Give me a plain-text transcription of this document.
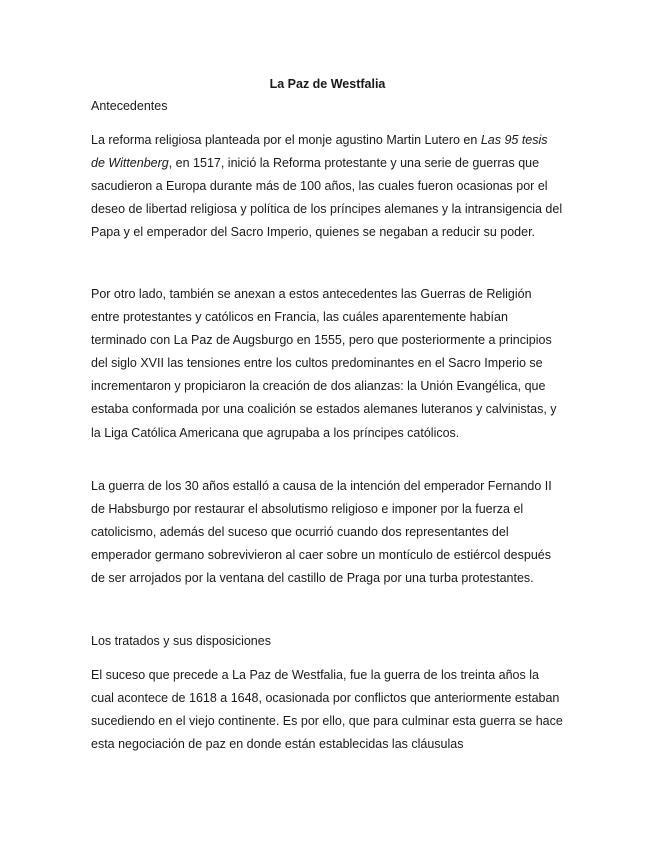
La Paz de Westfalia
Antecedentes

La reforma religiosa planteada por el monje agustino Martin Lutero en Las 95 tesis de Wittenberg, en 1517, inició la Reforma protestante y una serie de guerras que sacudieron a Europa durante más de 100 años, las cuales fueron ocasionas por el deseo de libertad religiosa y política de los príncipes alemanes y la intransigencia del Papa y el emperador del Sacro Imperio, quienes se negaban a reducir su poder.

Por otro lado, también se anexan a estos antecedentes las Guerras de Religión entre protestantes y católicos en Francia, las cuáles aparentemente habían terminado con La Paz de Augsburgo en 1555, pero que posteriormente a principios del siglo XVII las tensiones entre los cultos predominantes en el Sacro Imperio se incrementaron y propiciaron la creación de dos alianzas: la Unión Evangélica, que estaba conformada por una coalición se estados alemanes luteranos y calvinistas, y la Liga Católica Americana que agrupaba a los príncipes católicos.

La guerra de los 30 años estalló a causa de la intención del emperador Fernando II de Habsburgo por restaurar el absolutismo religioso e imponer por la fuerza el catolicismo, además del suceso que ocurrió cuando dos representantes del emperador germano sobrevivieron al caer sobre un montículo de estiércol después de ser arrojados por la ventana del castillo de Praga por una turba protestantes.

Los tratados y sus disposiciones

El suceso que precede a La Paz de Westfalia, fue la guerra de los treinta años la cual acontece de 1618 a 1648, ocasionada por conflictos que anteriormente estaban sucediendo en el viejo continente. Es por ello, que para culminar esta guerra se hace esta negociación de paz en donde están establecidas las cláusulas
